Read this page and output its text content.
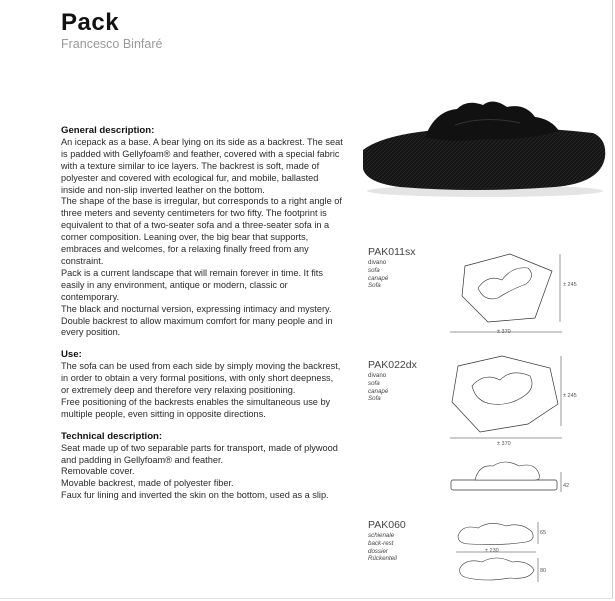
Pack
Francesco Binfaré

General description:

An icepack as a base. A bear lying on its side as a backrest. The seat is padded with Gellyfoam® and feather, covered with a special fabric with a texture similar to ice layers. The backrest is soft, made of polyester and covered with ecological fur, and mobile, ballasted inside and non-slip inverted leather on the bottom.

The shape of the base is irregular, but corresponds to a right angle of three meters and seventy centimeters for two fifty. The footprint is equivalent to that of a two-seater sofa and a three-seater sofa in a corner composition. Leaning over, the big bear that supports, embraces and welcomes, for a relaxing finally freed from any constraint.

Pack is a current landscape that will remain forever in time. It fits easily in any environment, antique or modern, classic or contemporary.

The black and nocturnal version, expressing intimacy and mystery. Double backrest to allow maximum comfort for many people and in every position.

Use:

The sofa can be used from each side by simply moving the backrest, in order to obtain a very formal positions, with only short deepness, or extremely deep and therefore very relaxing positioning.

Free positioning of the backrests enables the simultaneous use by multiple people, even sitting in opposite directions.

Technical description:

Seat made up of two separable parts for transport, made of plywood and padding in Gellyfoam® and feather.

Removable cover.

Movable backrest, made of polyester fiber.

Faux fur lining and inverted the skin on the bottom, used as a slip.

PAK011sx
divano
sofa
canapé
Sofa
± 370
± 245
PAK022dx
divano
sofa
canapé
Sofa
± 370
± 245
42
PAK060
schienale
back-rest
dossier
Rückenteil
± 230
65
80
